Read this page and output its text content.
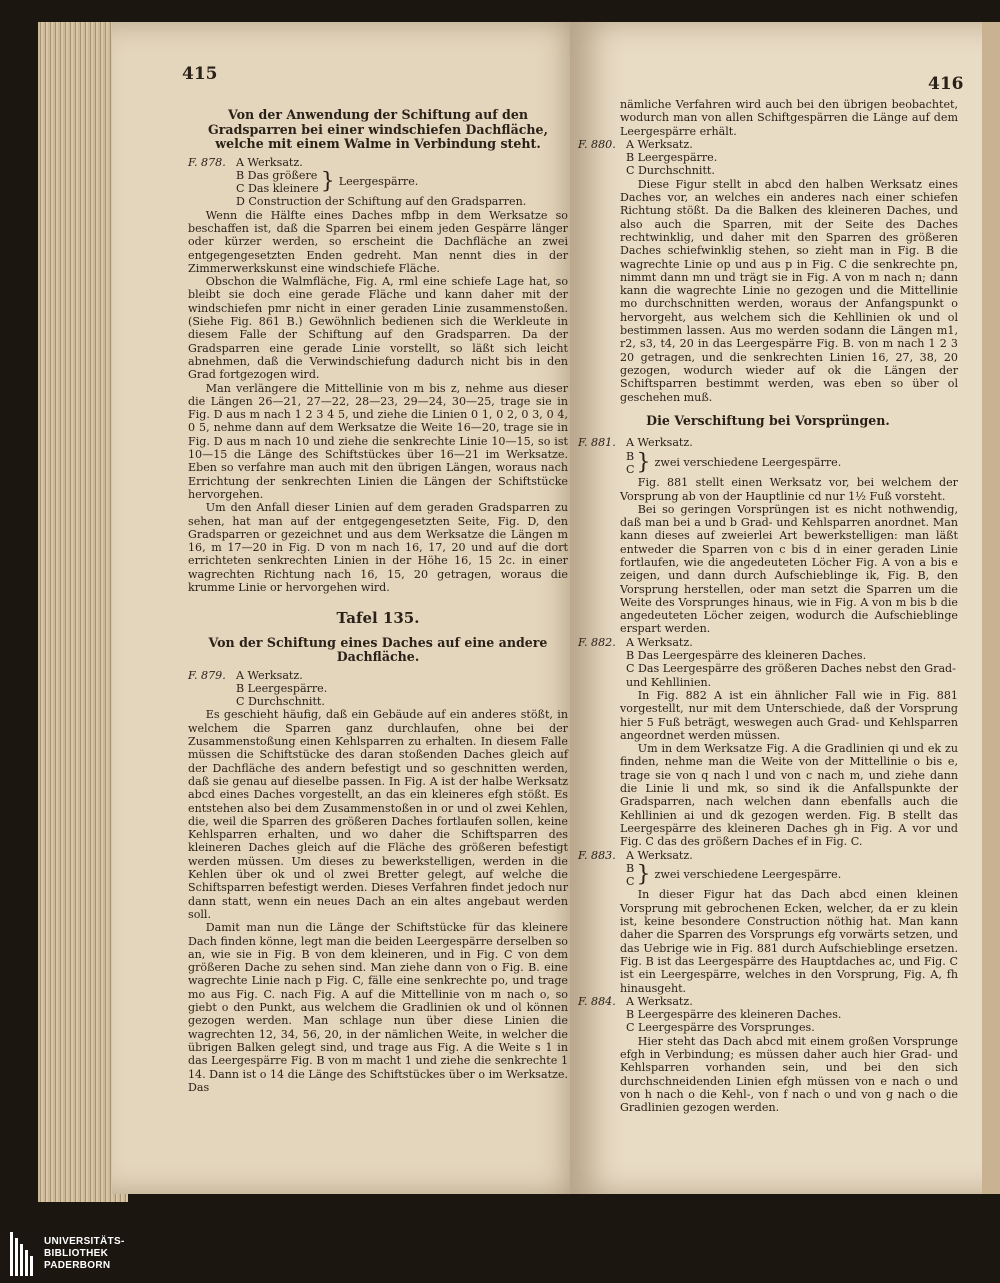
415
Von der Anwendung der Schiftung auf den Gradsparren bei einer windschiefen Dachfläche, welche mit einem Walme in Verbindung steht.
F. 878. A Werksatz.
B Das größere
C Das kleinere } Leergespärre.
D Construction der Schiftung auf den Gradsparren.

Wenn die Hälfte eines Daches mfbp in dem Werksatze so beschaffen ist, daß die Sparren bei einem jeden Gespärre länger oder kürzer werden, so erscheint die Dachfläche an zwei entgegengesetzten Enden gedreht. Man nennt dies in der Zimmerwerkskunst eine windschiefe Fläche.

Obschon die Walmfläche, Fig. A, rml eine schiefe Lage hat, so bleibt sie doch eine gerade Fläche und kann daher mit der windschiefen pmr nicht in einer geraden Linie zusammenstoßen. (Siehe Fig. 861 B.) Gewöhnlich bedienen sich die Werkleute in diesem Falle der Schiftung auf den Gradsparren. Da der Gradsparren eine gerade Linie vorstellt, so läßt sich leicht abnehmen, daß die Verwindschiefung dadurch nicht bis in den Grad fortgezogen wird.

Man verlängere die Mittellinie von m bis z, nehme aus dieser die Längen 26—21, 27—22, 28—23, 29—24, 30—25, trage sie in Fig. D aus m nach 1 2 3 4 5, und ziehe die Linien 0 1, 0 2, 0 3, 0 4, 0 5, nehme dann auf dem Werksatze die Weite 16—20, trage sie in Fig. D aus m nach 10 und ziehe die senkrechte Linie 10—15, so ist 10—15 die Länge des Schiftstückes über 16—21 im Werksatze. Eben so verfahre man auch mit den übrigen Längen, woraus nach Errichtung der senkrechten Linien die Längen der Schiftstücke hervorgehen.

Um den Anfall dieser Linien auf dem geraden Gradsparren zu sehen, hat man auf der entgegengesetzten Seite, Fig. D, den Gradsparren or gezeichnet und aus dem Werksatze die Längen m 16, m 17—20 in Fig. D von m nach 16, 17, 20 und auf die dort errichteten senkrechten Linien in der Höhe 16, 15 2c. in einer wagrechten Richtung nach 16, 15, 20 getragen, woraus die krumme Linie or hervorgehen wird.

Tafel 135.
Von der Schiftung eines Daches auf eine andere Dachfläche.
F. 879. A Werksatz.
B Leergespärre.
C Durchschnitt.

Es geschieht häufig, daß ein Gebäude auf ein anderes stößt, in welchem die Sparren ganz durchlaufen, ohne bei der Zusammenstoßung einen Kehlsparren zu erhalten. In diesem Falle müssen die Schiftstücke des daran stoßenden Daches gleich auf der Dachfläche des andern befestigt und so geschnitten werden, daß sie genau auf dieselbe passen. In Fig. A ist der halbe Werksatz abcd eines Daches vorgestellt, an das ein kleineres efgh stößt. Es entstehen also bei dem Zusammenstoßen in or und ol zwei Kehlen, die, weil die Sparren des größeren Daches fortlaufen sollen, keine Kehlsparren erhalten, und wo daher die Schiftsparren des kleineren Daches gleich auf die Fläche des größeren befestigt werden müssen. Um dieses zu bewerkstelligen, werden in die Kehlen über ok und ol zwei Bretter gelegt, auf welche die Schiftsparren befestigt werden. Dieses Verfahren findet jedoch nur dann statt, wenn ein neues Dach an ein altes angebaut werden soll.

Damit man nun die Länge der Schiftstücke für das kleinere Dach finden könne, legt man die beiden Leergespärre derselben so an, wie sie in Fig. B von dem kleineren, und in Fig. C von dem größeren Dache zu sehen sind. Man ziehe dann von o Fig. B. eine wagrechte Linie nach p Fig. C, fälle eine senkrechte po, und trage mo aus Fig. C. nach Fig. A auf die Mittellinie von m nach o, so giebt o den Punkt, aus welchem die Gradlinien ok und ol können gezogen werden. Man schlage nun über diese Linien die wagrechten 12, 34, 56, 20, in der nämlichen Weite, in welcher die übrigen Balken gelegt sind, und trage aus Fig. A die Weite s 1 in das Leergespärre Fig. B von m macht 1 und ziehe die senkrechte 1 14. Dann ist o 14 die Länge des Schiftstückes über o im Werksatze. Das

416

nämliche Verfahren wird auch bei den übrigen beobachtet, wodurch man von allen Schiftgespärren die Länge auf dem Leergespärre erhält.

F. 880. A Werksatz.
B Leergespärre.
C Durchschnitt.

Diese Figur stellt in abcd den halben Werksatz eines Daches vor, an welches ein anderes nach einer schiefen Richtung stößt. Da die Balken des kleineren Daches, und also auch die Sparren, mit der Seite des Daches rechtwinklig, und daher mit den Sparren des größeren Daches schiefwinklig stehen, so zieht man in Fig. B die wagrechte Linie op und aus p in Fig. C die senkrechte pn, nimmt dann mn und trägt sie in Fig. A von m nach n; dann kann die wagrechte Linie no gezogen und die Mittellinie mo durchschnitten werden, woraus der Anfangspunkt o hervorgeht, aus welchem sich die Kehllinien ok und ol bestimmen lassen. Aus mo werden sodann die Längen m1, r2, s3, t4, 20 in das Leergespärre Fig. B. von m nach 1 2 3 20 getragen, und die senkrechten Linien 16, 27, 38, 20 gezogen, wodurch wieder auf ok die Längen der Schiftsparren bestimmt werden, was eben so über ol geschehen muß.

Die Verschiftung bei Vorsprüngen.
F. 881. A Werksatz.
B
C } zwei verschiedene Leergespärre.

Fig. 881 stellt einen Werksatz vor, bei welchem der Vorsprung ab von der Hauptlinie cd nur 1½ Fuß vorsteht.

Bei so geringen Vorsprüngen ist es nicht nothwendig, daß man bei a und b Grad- und Kehlsparren anordnet. Man kann dieses auf zweierlei Art bewerkstelligen: man läßt entweder die Sparren von c bis d in einer geraden Linie fortlaufen, wie die angedeuteten Löcher Fig. A von a bis e zeigen, und dann durch Aufschieblinge ik, Fig. B, den Vorsprung herstellen, oder man setzt die Sparren um die Weite des Vorsprunges hinaus, wie in Fig. A von m bis b die angedeuteten Löcher zeigen, wodurch die Aufschieblinge erspart werden.

F. 882. A Werksatz.
B Das Leergespärre des kleineren Daches.
C Das Leergespärre des größeren Daches nebst den Grad- und Kehllinien.

In Fig. 882 A ist ein ähnlicher Fall wie in Fig. 881 vorgestellt, nur mit dem Unterschiede, daß der Vorsprung hier 5 Fuß beträgt, weswegen auch Grad- und Kehlsparren angeordnet werden müssen.

Um in dem Werksatze Fig. A die Gradlinien qi und ek zu finden, nehme man die Weite von der Mittellinie o bis e, trage sie von q nach l und von c nach m, und ziehe dann die Linie li und mk, so sind ik die Anfallspunkte der Gradsparren, nach welchen dann ebenfalls auch die Kehllinien ai und dk gezogen werden. Fig. B stellt das Leergespärre des kleineren Daches gh in Fig. A vor und Fig. C das des größern Daches ef in Fig. C.

F. 883. A Werksatz.
B
C } zwei verschiedene Leergespärre.

In dieser Figur hat das Dach abcd einen kleinen Vorsprung mit gebrochenen Ecken, welcher, da er zu klein ist, keine besondere Construction nöthig hat. Man kann daher die Sparren des Vorsprungs efg vorwärts setzen, und das Uebrige wie in Fig. 881 durch Aufschieblinge ersetzen. Fig. B ist das Leergespärre des Hauptdaches ac, und Fig. C ist ein Leergespärre, welches in den Vorsprung, Fig. A, fh hinausgeht.

F. 884. A Werksatz.
B Leergespärre des kleineren Daches.
C Leergespärre des Vorsprunges.

Hier steht das Dach abcd mit einem großen Vorsprunge efgh in Verbindung; es müssen daher auch hier Grad- und Kehlsparren vorhanden sein, und bei den sich durchschneidenden Linien efgh müssen von e nach o und von h nach o die Kehl-, von f nach o und von g nach o die Gradlinien gezogen werden.

UNIVERSITÄTS-
BIBLIOTHEK
PADERBORN
